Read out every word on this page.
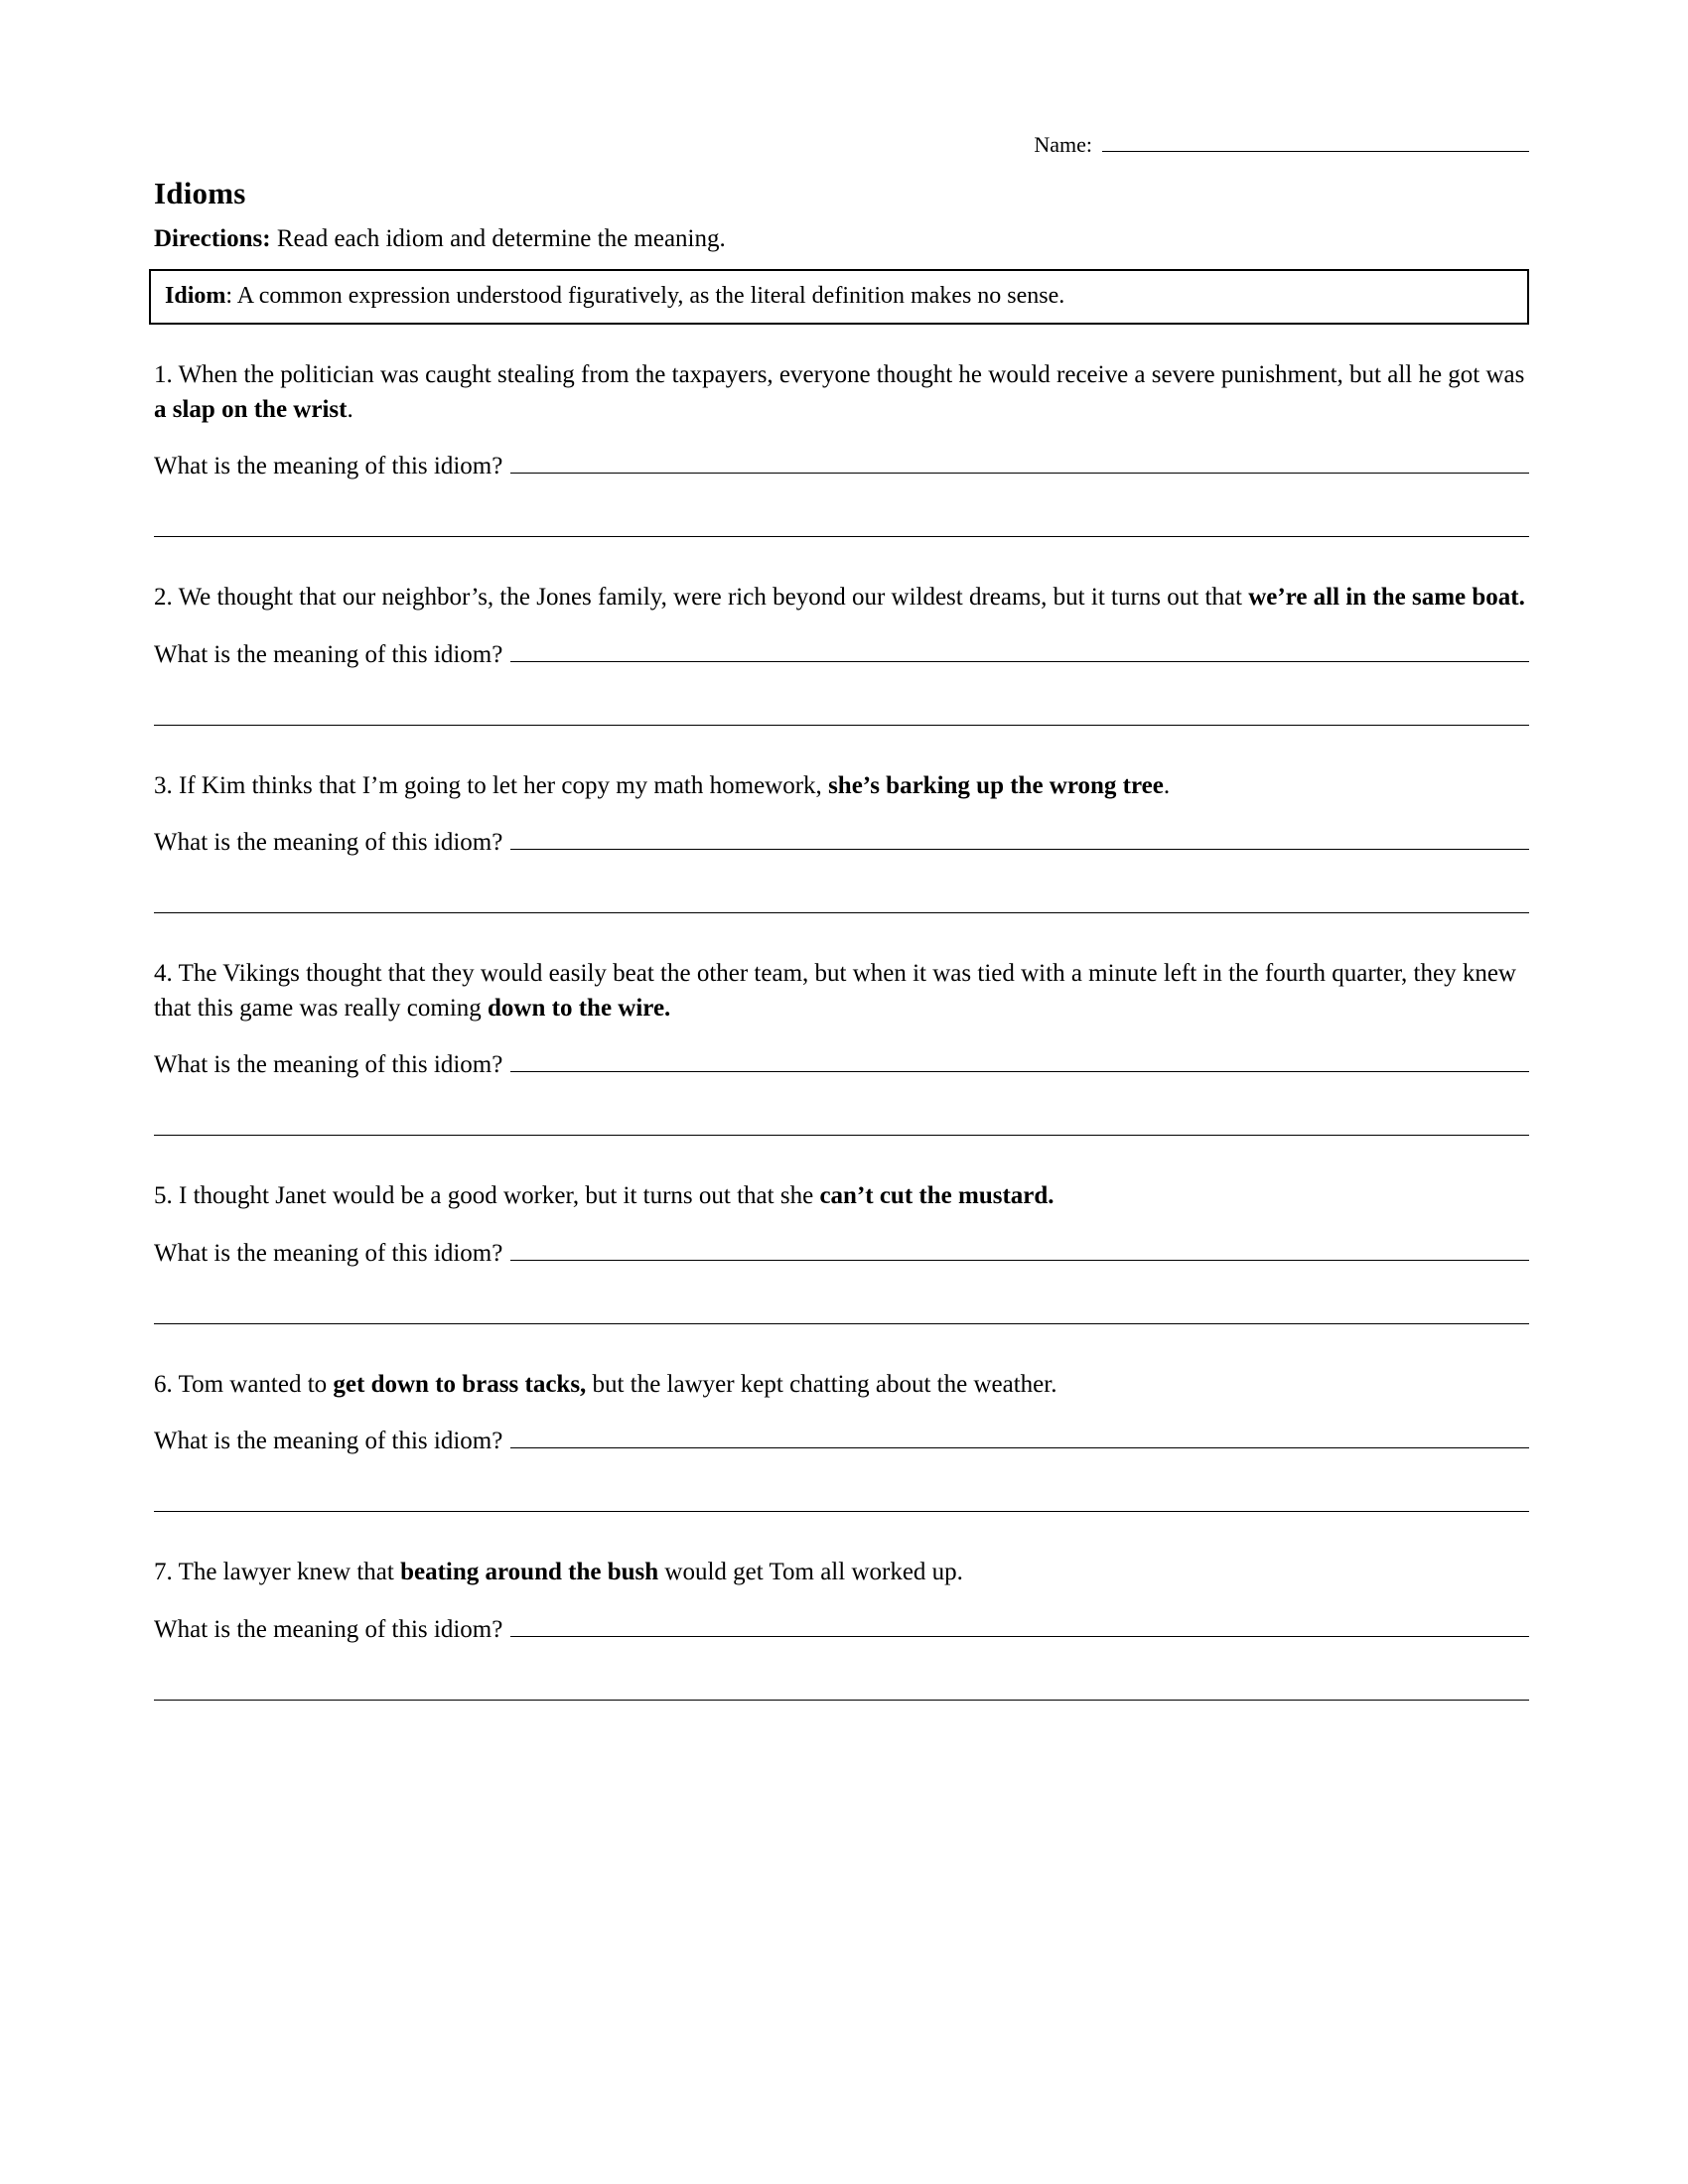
Name:
Idioms
Directions: Read each idiom and determine the meaning.
Idiom: A common expression understood figuratively, as the literal definition makes no sense.

1. When the politician was caught stealing from the taxpayers, everyone thought he would receive a severe punishment, but all he got was a slap on the wrist.

What is the meaning of this idiom?

2. We thought that our neighbor’s, the Jones family, were rich beyond our wildest dreams, but it turns out that we’re all in the same boat.

What is the meaning of this idiom?

3. If Kim thinks that I’m going to let her copy my math homework, she’s barking up the wrong tree.

What is the meaning of this idiom?

4. The Vikings thought that they would easily beat the other team, but when it was tied with a minute left in the fourth quarter, they knew that this game was really coming down to the wire.

What is the meaning of this idiom?

5. I thought Janet would be a good worker, but it turns out that she can’t cut the mustard.

What is the meaning of this idiom?

6. Tom wanted to get down to brass tacks, but the lawyer kept chatting about the weather.

What is the meaning of this idiom?

7. The lawyer knew that beating around the bush would get Tom all worked up.

What is the meaning of this idiom?
